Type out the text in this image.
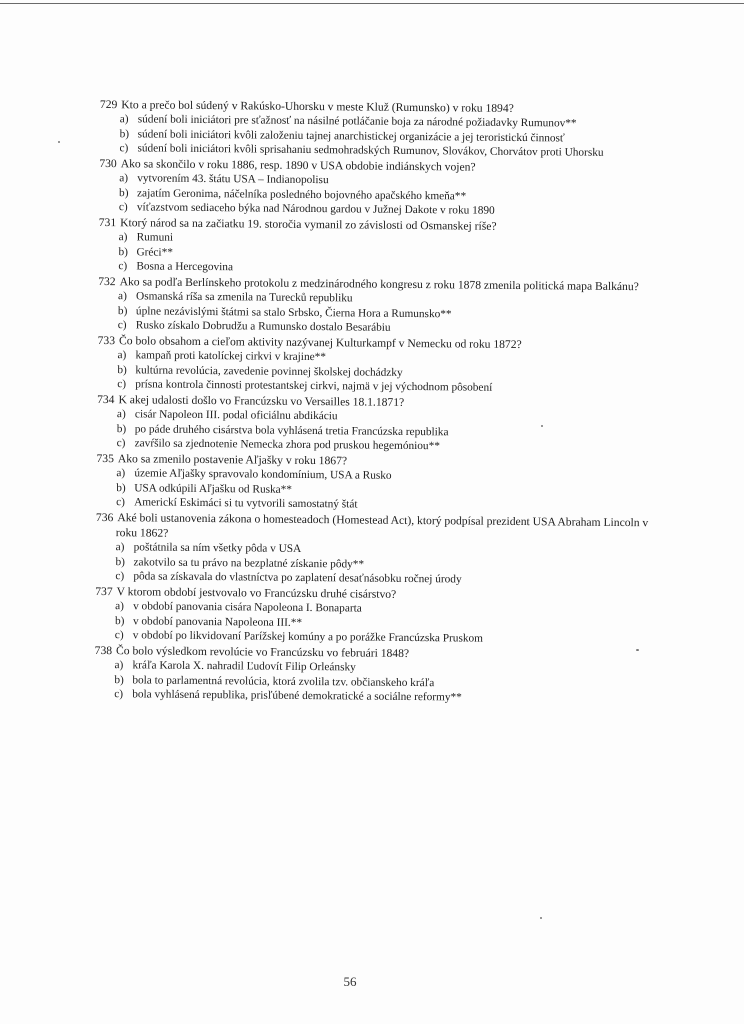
729 Kto a prečo bol súdený v Rakúsko-Uhorsku v meste Kluž (Rumunsko) v roku 1894?
a) súdení boli iniciátori pre sťažnosť na násilné potláčanie boja za národné požiadavky Rumunov**
b) súdení boli iniciátori kvôli založeniu tajnej anarchistickej organizácie a jej teroristickú činnosť
c) súdení boli iniciátori kvôli sprisahaniu sedmohradských Rumunov, Slovákov, Chorvátov proti Uhorsku
730 Ako sa skončilo v roku 1886, resp. 1890 v USA obdobie indiánskych vojen?
a) vytvorením 43. štátu USA – Indianopolisu
b) zajatím Geronima, náčelníka posledného bojovného apačského kmeňa**
c) víťazstvom sediaceho býka nad Národnou gardou v Južnej Dakote v roku 1890
731 Ktorý národ sa na začiatku 19. storočia vymanil zo závislosti od Osmanskej ríše?
a) Rumuni
b) Gréci**
c) Bosna a Hercegovina
732 Ako sa podľa Berlínskeho protokolu z medzinárodného kongresu z roku 1878 zmenila politická mapa Balkánu?
a) Osmanská ríša sa zmenila na Turecků republiku
b) úplne nezávislými štátmi sa stalo Srbsko, Čierna Hora a Rumunsko**
c) Rusko získalo Dobrudžu a Rumunsko dostalo Besarábiu
733 Čo bolo obsahom a cieľom aktivity nazývanej Kulturkampf v Nemecku od roku 1872?
a) kampaň proti katolíckej cirkvi v krajine**
b) kultúrna revolúcia, zavedenie povinnej školskej dochádzky
c) prísna kontrola činnosti protestantskej cirkvi, najmä v jej východnom pôsobení
734 K akej udalosti došlo vo Francúzsku vo Versailles 18.1.1871?
a) cisár Napoleon III. podal oficiálnu abdikáciu
b) po páde druhého cisárstva bola vyhlásená tretia Francúzska republika
c) zavŕšilo sa zjednotenie Nemecka zhora pod pruskou hegemóniou**
735 Ako sa zmenilo postavenie Aľjašky v roku 1867?
a) územie Aľjašky spravovalo kondomínium, USA a Rusko
b) USA odkúpili Aľjašku od Ruska**
c) Americkí Eskimáci si tu vytvorili samostatný štát
736 Aké boli ustanovenia zákona o homesteadoch (Homestead Act), ktorý podpísal prezident USA Abraham Lincoln v roku 1862?
a) poštátnila sa ním všetky pôda v USA
b) zakotvilo sa tu právo na bezplatné získanie pôdy**
c) pôda sa získavala do vlastníctva po zaplatení desaťnásobku ročnej úrody
737 V ktorom období jestvovalo vo Francúzsku druhé cisárstvo?
a) v období panovania cisára Napoleona I. Bonaparta
b) v období panovania Napoleona III.**
c) v období po likvidovaní Parížskej komúny a po porážke Francúzska Pruskom
738 Čo bolo výsledkom revolúcie vo Francúzsku vo februári 1848?
a) kráľa Karola X. nahradil Ľudovít Filip Orleánsky
b) bola to parlamentná revolúcia, ktorá zvolila tzv. občianskeho kráľa
c) bola vyhlásená republika, prisľúbené demokratické a sociálne reformy**
56
